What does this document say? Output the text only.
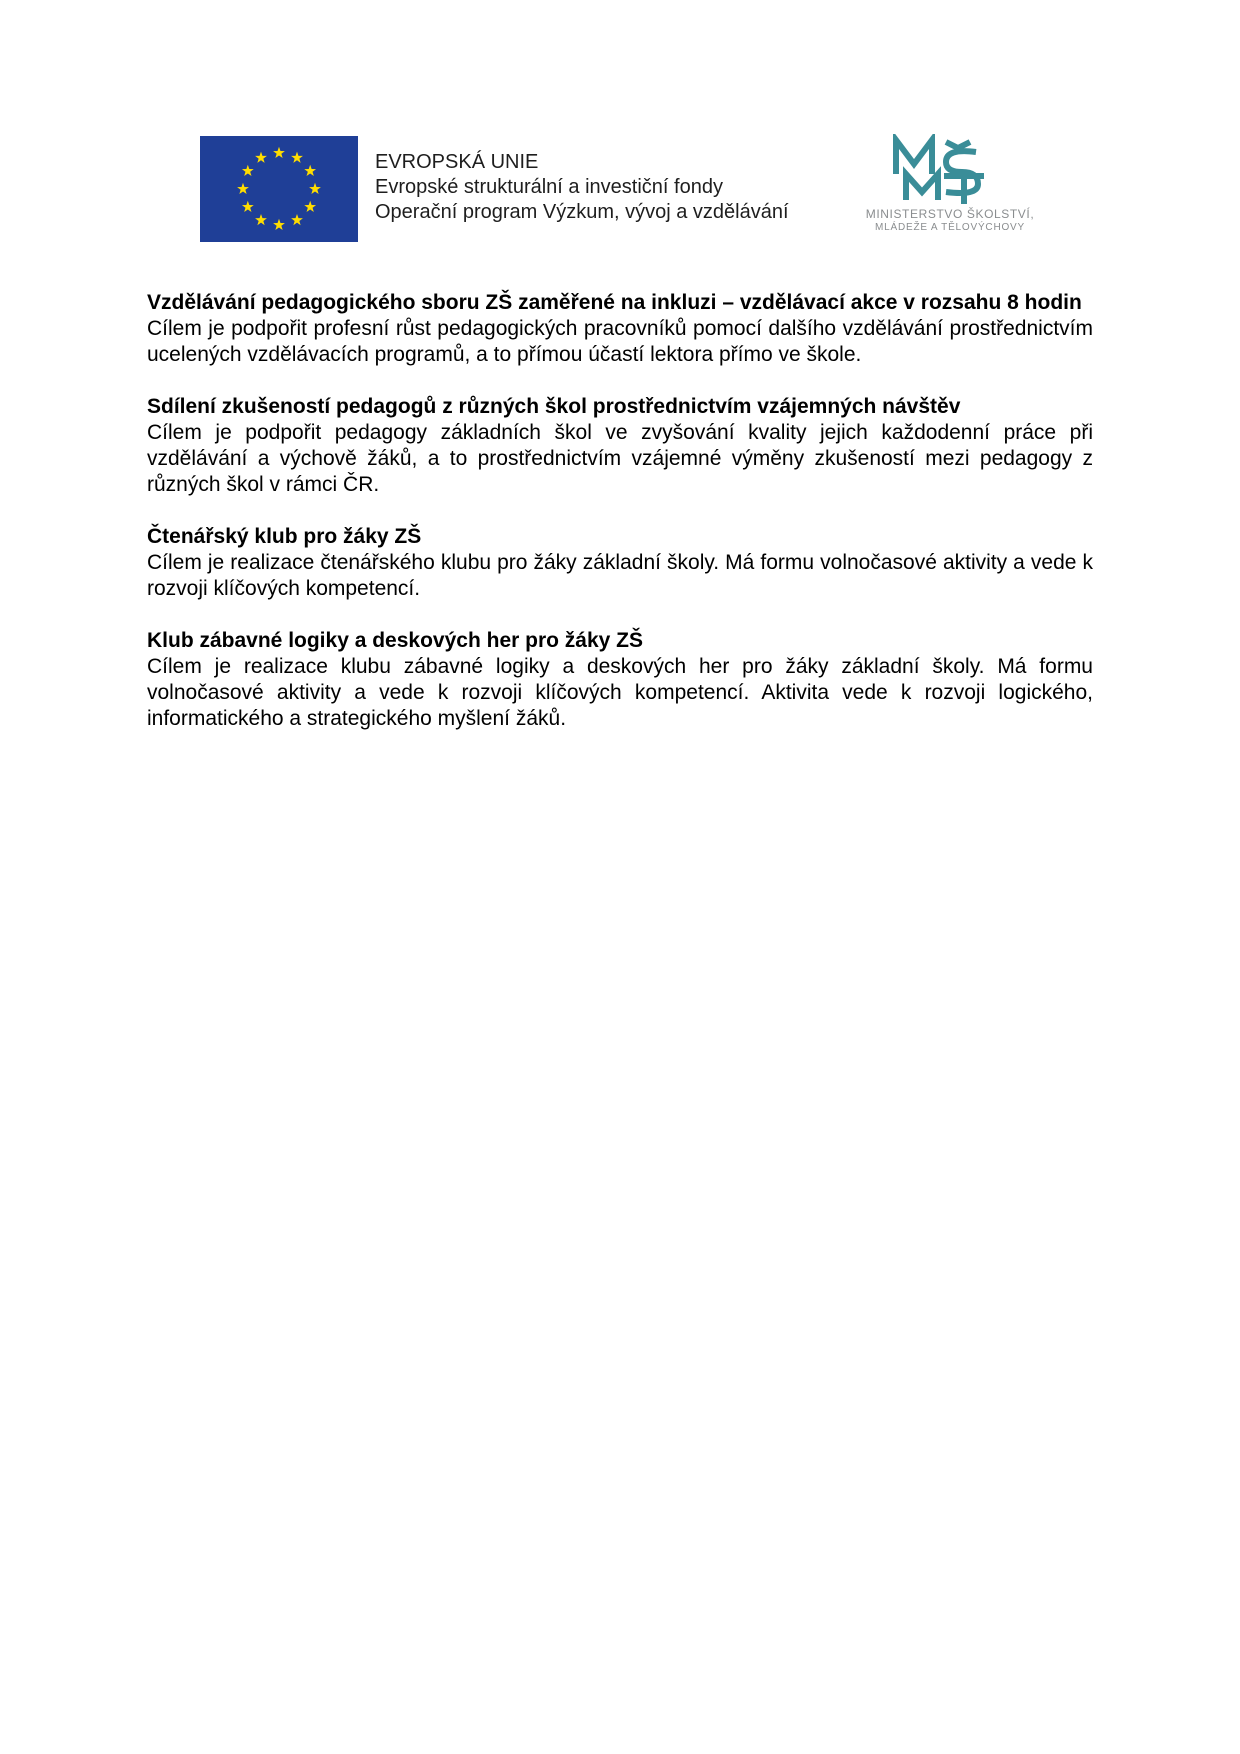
EVROPSKÁ UNIE
Evropské strukturální a investiční fondy
Operační program Výzkum, vývoj a vzdělávání	MINISTERSTVO ŠKOLSTVÍ,
MLÁDEŽE A TĚLOVÝCHOVY

Vzdělávání pedagogického sboru ZŠ zaměřené na inkluzi – vzdělávací akce v rozsahu 8 hodin

Cílem je podpořit profesní růst pedagogických pracovníků pomocí dalšího vzdělávání prostřednictvím ucelených vzdělávacích programů, a to přímou účastí lektora přímo ve škole.

Sdílení zkušeností pedagogů z různých škol prostřednictvím vzájemných návštěv

Cílem je podpořit pedagogy základních škol ve zvyšování kvality jejich každodenní práce při vzdělávání a výchově žáků, a to prostřednictvím vzájemné výměny zkušeností mezi pedagogy z různých škol v rámci ČR.

Čtenářský klub pro žáky ZŠ

Cílem je realizace čtenářského klubu pro žáky základní školy. Má formu volnočasové aktivity a vede k rozvoji klíčových kompetencí.

Klub zábavné logiky a deskových her pro žáky ZŠ

Cílem je realizace klubu zábavné logiky a deskových her pro žáky základní školy. Má formu volnočasové aktivity a vede k rozvoji klíčových kompetencí. Aktivita vede k rozvoji logického, informatického a strategického myšlení žáků.
